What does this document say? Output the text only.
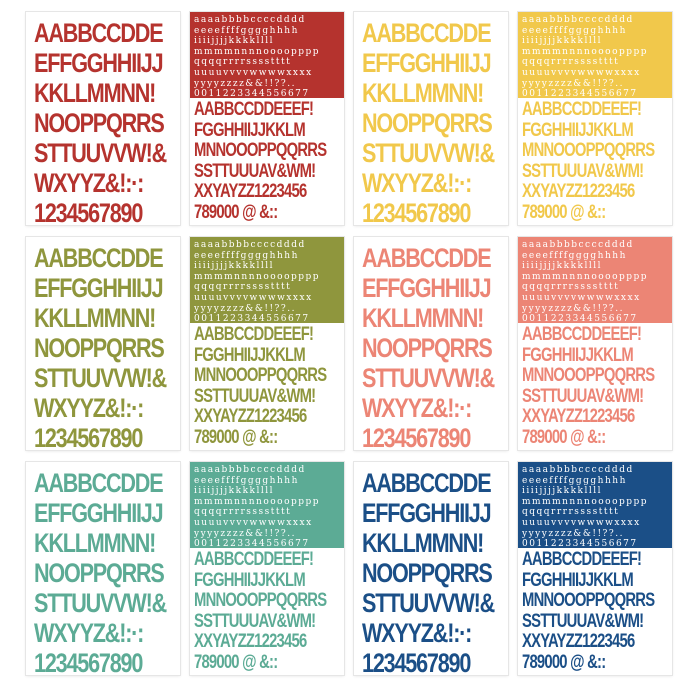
AABBCCDDE
EFFGGHHIIJJ
KKLLMMNN!
NOOPPQRRS
STTUUVVW!&
WXYYZ&!:·:
1234567890
aaaabbbbccccdddd
eeeeffffgggghhhh
iiiijjjjkkkkllll
mmmmnnnnoooopppp
qqqqrrrrsssstttt
uuuuvvvvwwwwxxxx
yyyyzzzz&&!!??..
0011223344556677
AABBCCDDEEEF!
FGGHHIIJJKKLM
MNNOOOPPQQRRS
SSTTUUUAV&WM!
XXYAYZZ1223456
789000 @ &::
AABBCCDDE
EFFGGHHIIJJ
KKLLMMNN!
NOOPPQRRS
STTUUVVW!&
WXYYZ&!:·:
1234567890
aaaabbbbccccdddd
eeeeffffgggghhhh
iiiijjjjkkkkllll
mmmmnnnnoooopppp
qqqqrrrrsssstttt
uuuuvvvvwwwwxxxx
yyyyzzzz&&!!??..
0011223344556677
AABBCCDDEEEF!
FGGHHIIJJKKLM
MNNOOOPPQQRRS
SSTTUUUAV&WM!
XXYAYZZ1223456
789000 @ &::
AABBCCDDE
EFFGGHHIIJJ
KKLLMMNN!
NOOPPQRRS
STTUUVVW!&
WXYYZ&!:·:
1234567890
aaaabbbbccccdddd
eeeeffffgggghhhh
iiiijjjjkkkkllll
mmmmnnnnoooopppp
qqqqrrrrsssstttt
uuuuvvvvwwwwxxxx
yyyyzzzz&&!!??..
0011223344556677
AABBCCDDEEEF!
FGGHHIIJJKKLM
MNNOOOPPQQRRS
SSTTUUUAV&WM!
XXYAYZZ1223456
789000 @ &::
AABBCCDDE
EFFGGHHIIJJ
KKLLMMNN!
NOOPPQRRS
STTUUVVW!&
WXYYZ&!:·:
1234567890
aaaabbbbccccdddd
eeeeffffgggghhhh
iiiijjjjkkkkllll
mmmmnnnnoooopppp
qqqqrrrrsssstttt
uuuuvvvvwwwwxxxx
yyyyzzzz&&!!??..
0011223344556677
AABBCCDDEEEF!
FGGHHIIJJKKLM
MNNOOOPPQQRRS
SSTTUUUAV&WM!
XXYAYZZ1223456
789000 @ &::
AABBCCDDE
EFFGGHHIIJJ
KKLLMMNN!
NOOPPQRRS
STTUUVVW!&
WXYYZ&!:·:
1234567890
aaaabbbbccccdddd
eeeeffffgggghhhh
iiiijjjjkkkkllll
mmmmnnnnoooopppp
qqqqrrrrsssstttt
uuuuvvvvwwwwxxxx
yyyyzzzz&&!!??..
0011223344556677
AABBCCDDEEEF!
FGGHHIIJJKKLM
MNNOOOPPQQRRS
SSTTUUUAV&WM!
XXYAYZZ1223456
789000 @ &::
AABBCCDDE
EFFGGHHIIJJ
KKLLMMNN!
NOOPPQRRS
STTUUVVW!&
WXYYZ&!:·:
1234567890
aaaabbbbccccdddd
eeeeffffgggghhhh
iiiijjjjkkkkllll
mmmmnnnnoooopppp
qqqqrrrrsssstttt
uuuuvvvvwwwwxxxx
yyyyzzzz&&!!??..
0011223344556677
AABBCCDDEEEF!
FGGHHIIJJKKLM
MNNOOOPPQQRRS
SSTTUUUAV&WM!
XXYAYZZ1223456
789000 @ &::
